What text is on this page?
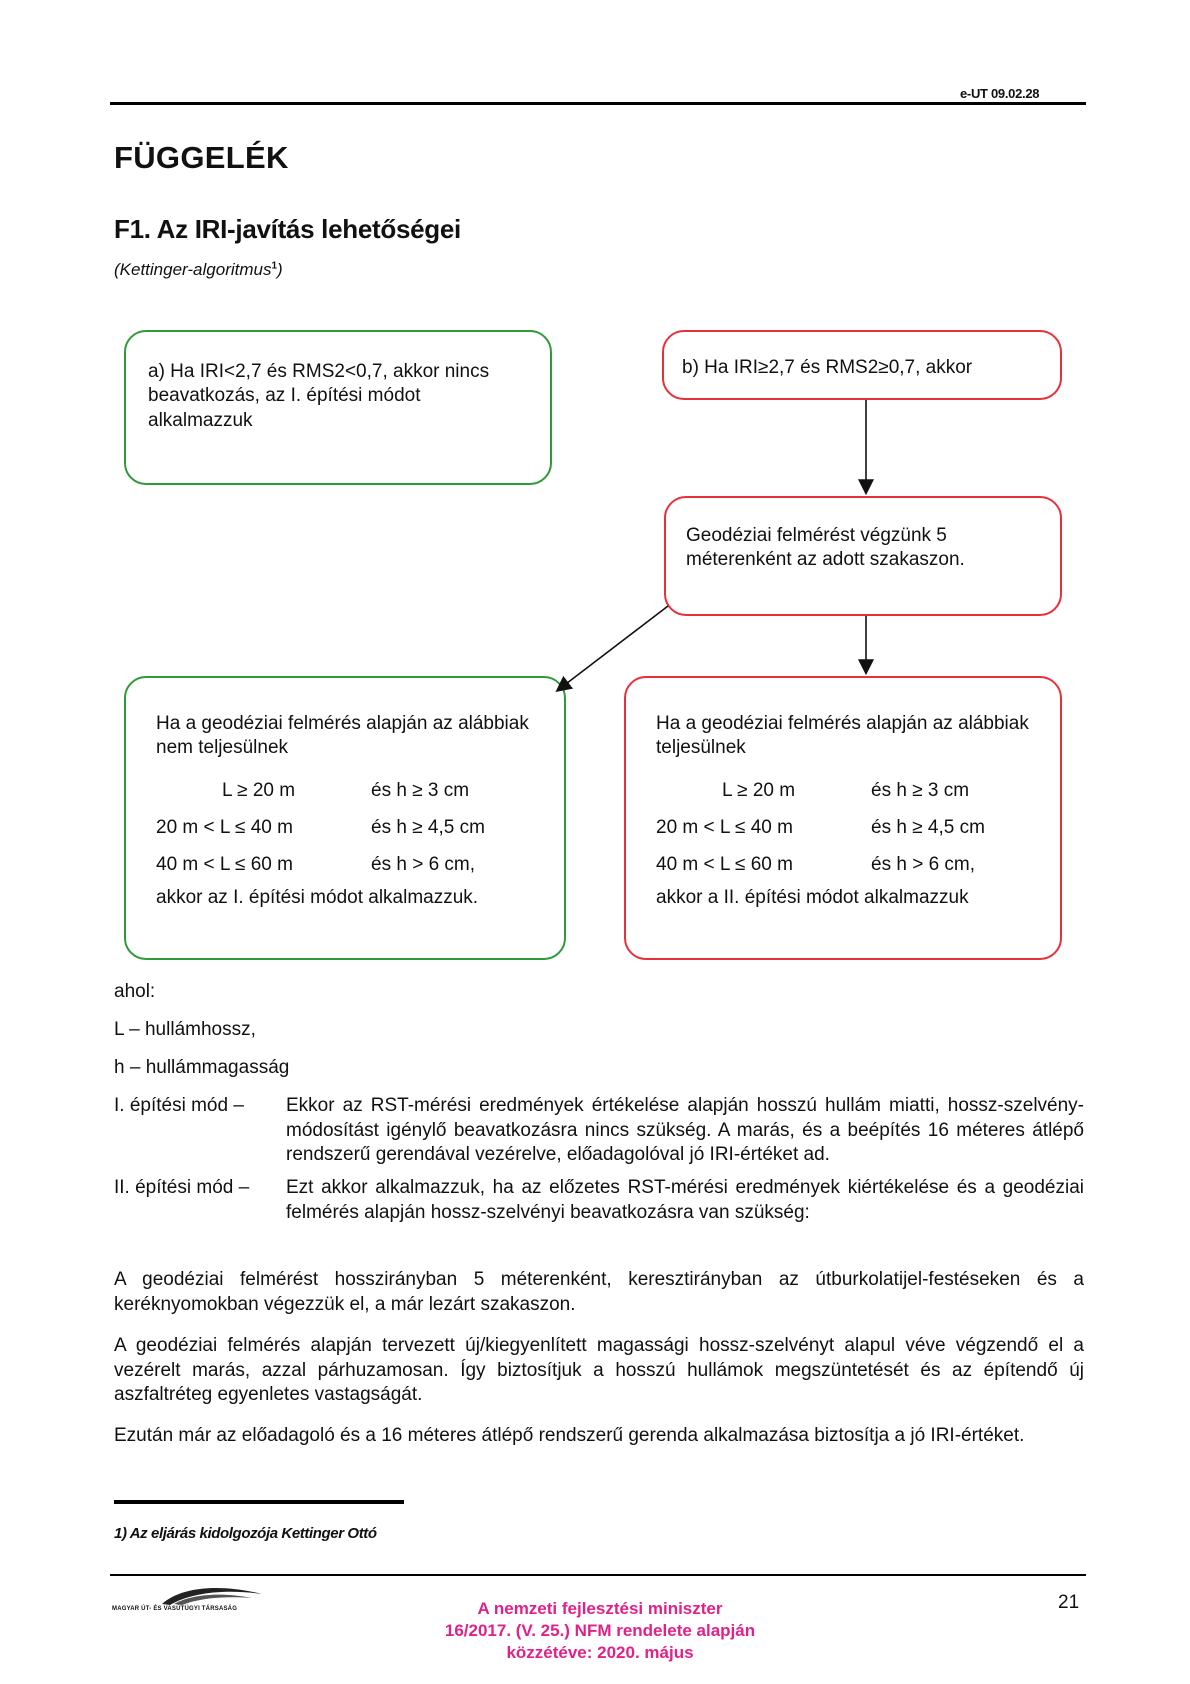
e-UT 09.02.28
FÜGGELÉK
F1. Az IRI-javítás lehetőségei
(Kettinger-algoritmus$^1$)
a) Ha IRI<2,7 és RMS2<0,7, akkor nincs beavatkozás, az I. építési módot alkalmazzuk
b) Ha IRI≥2,7 és RMS2≥0,7, akkor
Geodéziai felmérést végzünk 5 méterenként az adott szakaszon.
Ha a geodéziai felmérés alapján az alábbiak nem teljesülnek
L ≥ 20 m	és h ≥ 3 cm
20 m < L ≤ 40 m	és h ≥ 4,5 cm
40 m < L ≤ 60 m	és h > 6 cm,
akkor az I. építési módot alkalmazzuk.
Ha a geodéziai felmérés alapján az alábbiak teljesülnek
L ≥ 20 m	és h ≥ 3 cm
20 m < L ≤ 40 m	és h ≥ 4,5 cm
40 m < L ≤ 60 m	és h > 6 cm,
akkor a II. építési módot alkalmazzuk
ahol:
L – hullámhossz,
h – hullámmagasság
I. építési mód –	Ekkor az RST-mérési eredmények értékelése alapján hosszú hullám miatti, hossz-szelvény-módosítást igénylő beavatkozásra nincs szükség. A marás, és a beépítés 16 méteres átlépő rendszerű gerendával vezérelve, előadagolóval jó IRI-értéket ad.
II. építési mód –	Ezt akkor alkalmazzuk, ha az előzetes RST-mérési eredmények kiértékelése és a geodéziai felmérés alapján hossz-szelvényi beavatkozásra van szükség:
A geodéziai felmérést hosszirányban 5 méterenként, keresztirányban az útburkolatijel-festéseken és a keréknyomokban végezzük el, a már lezárt szakaszon.
A geodéziai felmérés alapján tervezett új/kiegyenlített magassági hossz-szelvényt alapul véve végzendő el a vezérelt marás, azzal párhuzamosan. Így biztosítjuk a hosszú hullámok megszüntetését és az építendő új aszfaltréteg egyenletes vastagságát.
Ezután már az előadagoló és a 16 méteres átlépő rendszerű gerenda alkalmazása biztosítja a jó IRI-értéket.
1) Az eljárás kidolgozója Kettinger Ottó
MAGYAR ÚT- ÉS VASÚTÜGYI TÁRSASÁG	A nemzeti fejlesztési miniszter
16/2017. (V. 25.) NFM rendelete alapján
közzétéve: 2020. május
21
